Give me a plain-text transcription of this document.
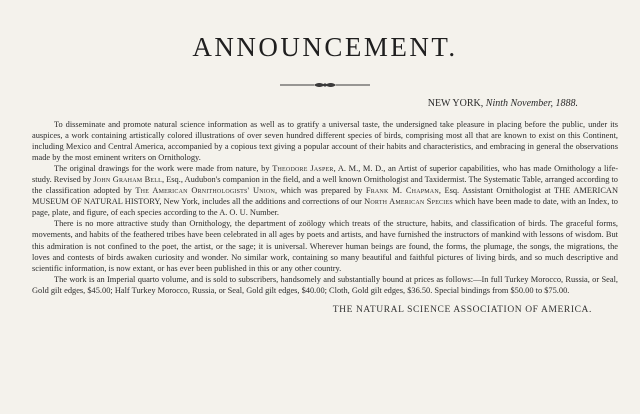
ANNOUNCEMENT.
NEW YORK, Ninth November, 1888.

To disseminate and promote natural science information as well as to gratify a universal taste, the undersigned take pleasure in placing before the public, under its auspices, a work containing artistically colored illustrations of over seven hundred different species of birds, comprising most all that are known to exist on this Continent, including Mexico and Central America, accompanied by a copious text giving a popular account of their habits and characteristics, and embracing in general the observations made by the most eminent writers on Ornithology.

The original drawings for the work were made from nature, by Theodore Jasper, A. M., M. D., an Artist of superior capabilities, who has made Ornithology a life-study. Revised by John Graham Bell, Esq., Audubon's companion in the field, and a well known Ornithologist and Taxidermist. The Systematic Table, arranged according to the classification adopted by The American Ornithologists' Union, which was prepared by Frank M. Chapman, Esq. Assistant Ornithologist at THE AMERICAN MUSEUM OF NATURAL HISTORY, New York, includes all the additions and corrections of our North American Species which have been made to date, with an Index, to page, plate, and figure, of each species according to the A. O. U. Number.

There is no more attractive study than Ornithology, the department of zoölogy which treats of the structure, habits, and classification of birds. The graceful forms, movements, and habits of the feathered tribes have been celebrated in all ages by poets and artists, and have furnished the instructors of mankind with lessons of wisdom. But this admiration is not confined to the poet, the artist, or the sage; it is universal. Wherever human beings are found, the forms, the plumage, the songs, the migrations, the loves and contests of birds awaken curiosity and wonder. No similar work, containing so many beautiful and faithful pictures of living birds, and so much descriptive and scientific information, is now extant, or has ever been published in this or any other country.

The work is an Imperial quarto volume, and is sold to subscribers, handsomely and substantially bound at prices as follows:—In full Turkey Morocco, Russia, or Seal, Gold gilt edges, $45.00; Half Turkey Morocco, Russia, or Seal, Gold gilt edges, $40.00; Cloth, Gold gilt edges, $36.50. Special bindings from $50.00 to $75.00.

THE NATURAL SCIENCE ASSOCIATION OF AMERICA.
